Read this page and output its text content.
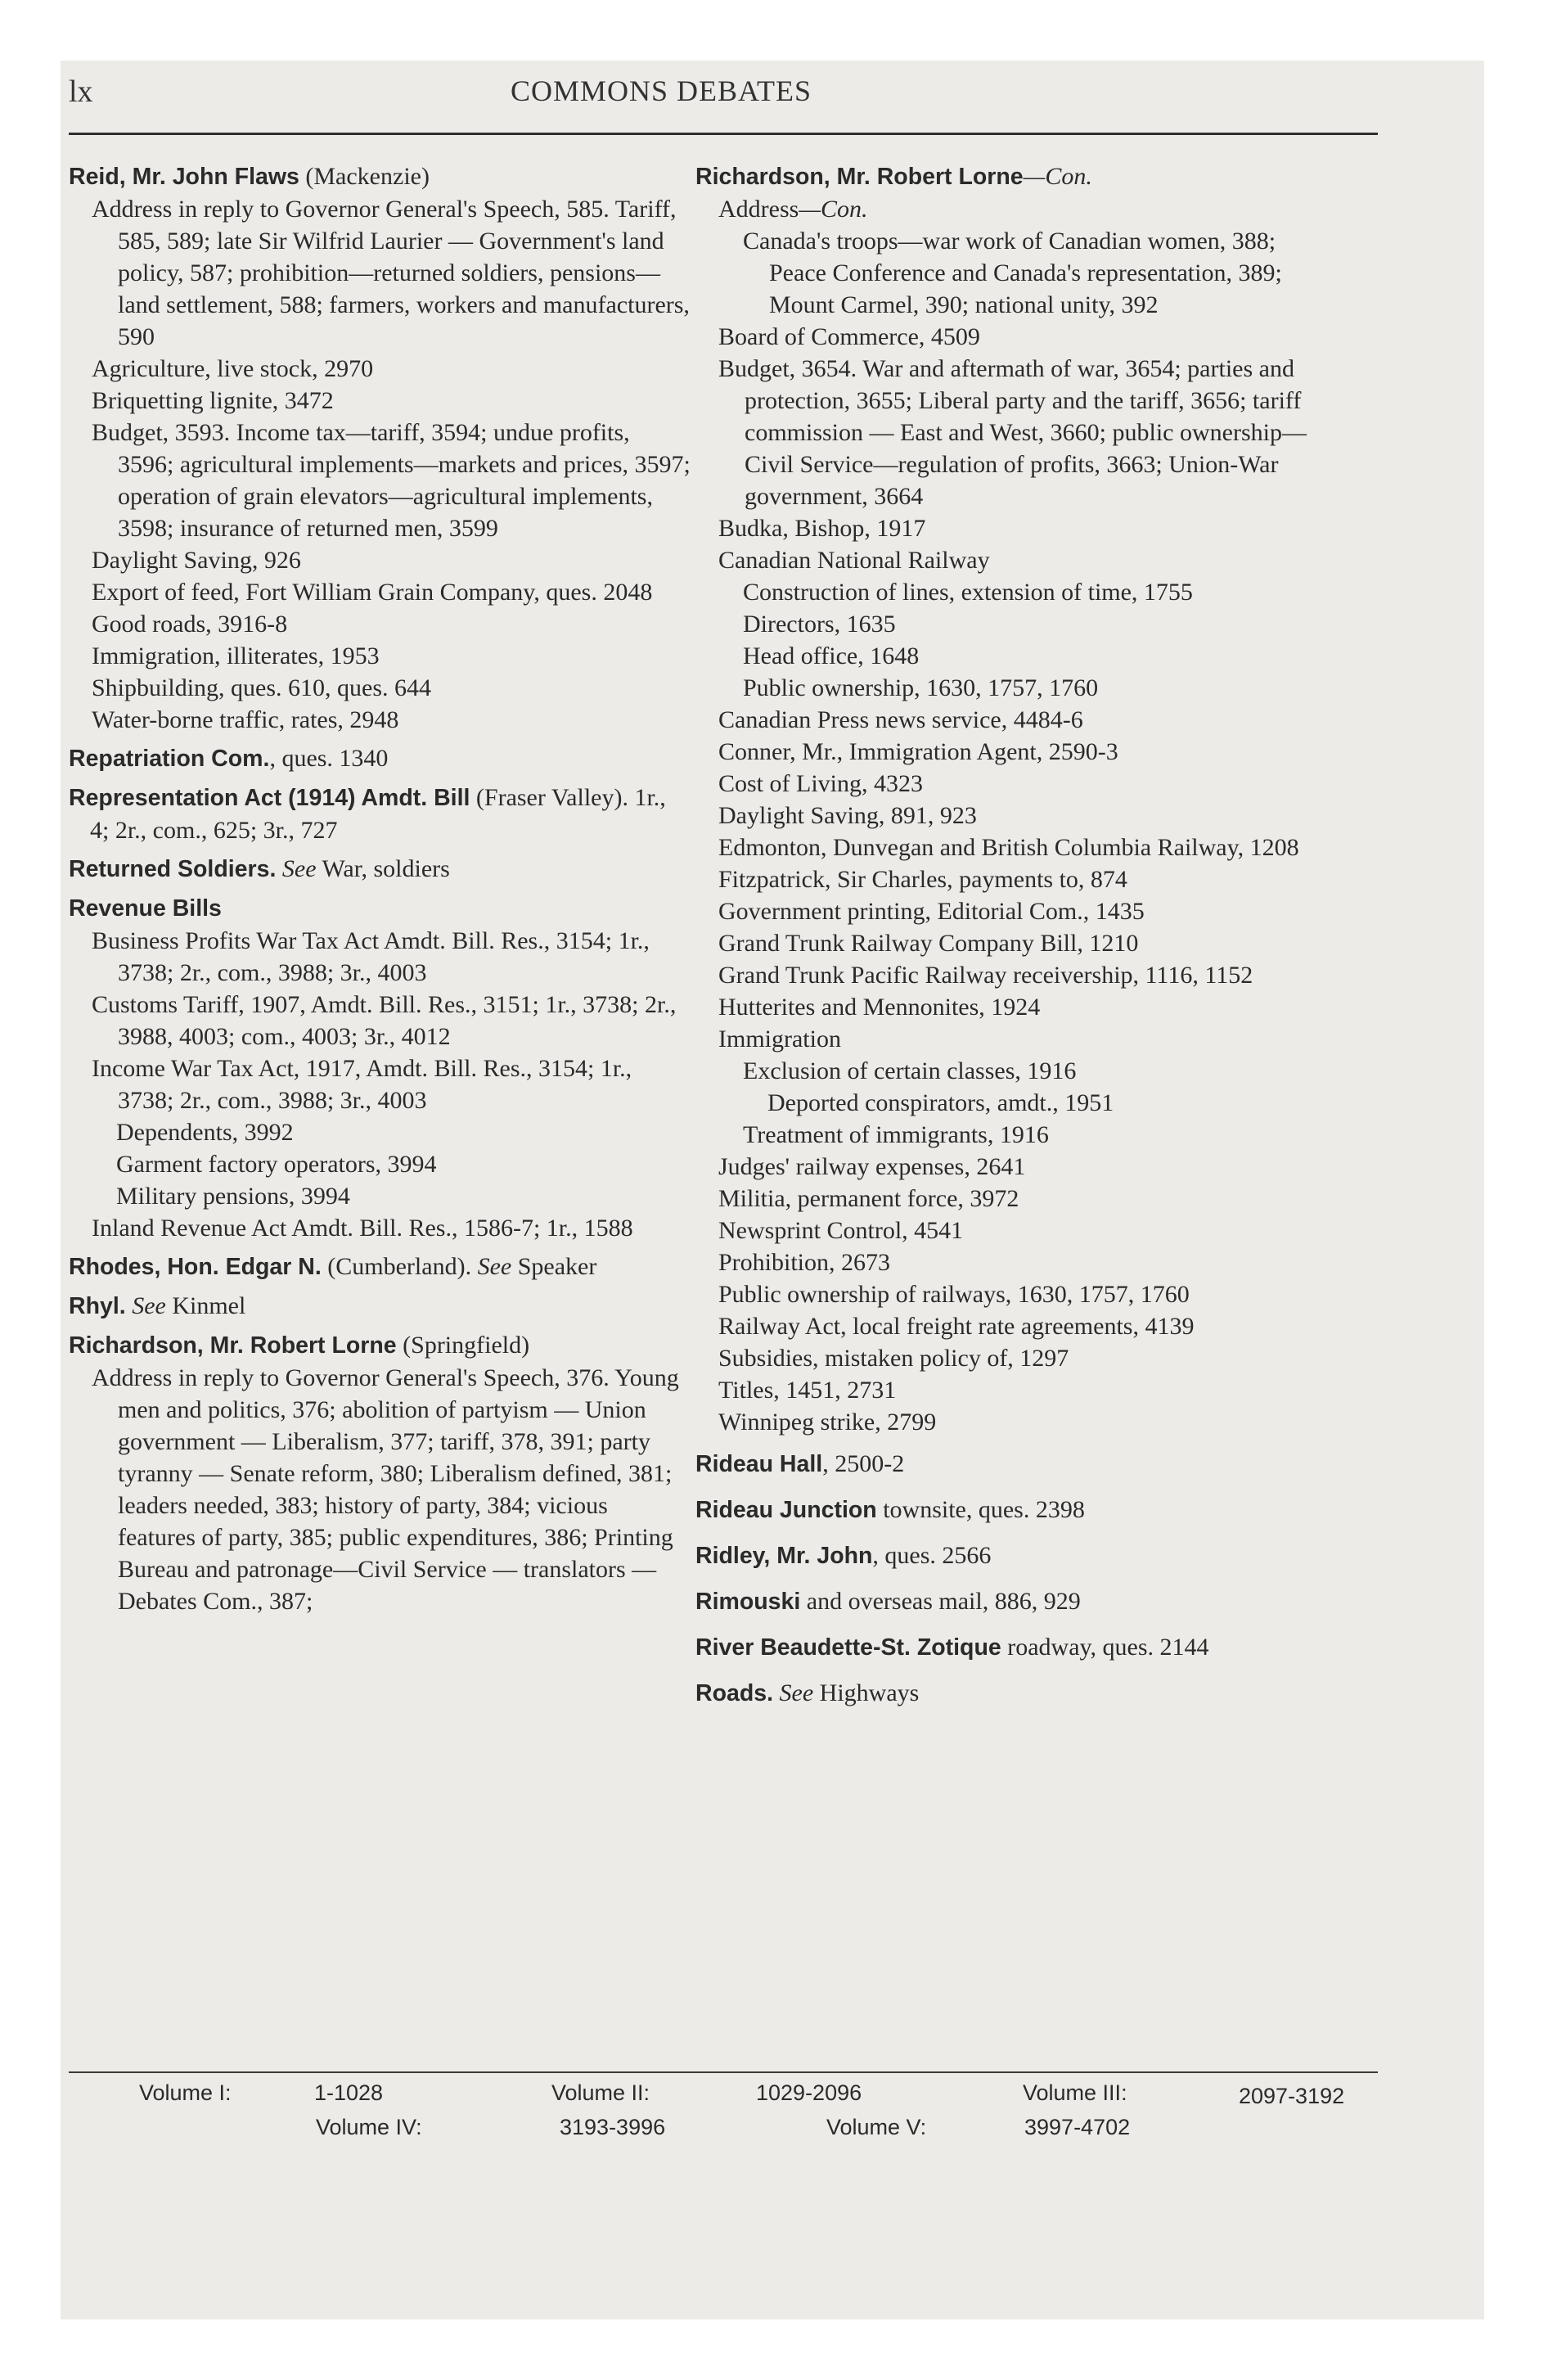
lx	COMMONS DEBATES
Reid, Mr. John Flaws (Mackenzie)
Address in reply to Governor General's Speech, 585. Tariff, 585, 589; late Sir Wilfrid Laurier — Government's land policy, 587; prohibition—returned soldiers, pensions—land settlement, 588; farmers, workers and manufacturers, 590
Agriculture, live stock, 2970
Briquetting lignite, 3472
Budget, 3593. Income tax—tariff, 3594; undue profits, 3596; agricultural implements—markets and prices, 3597; operation of grain elevators—agricultural implements, 3598; insurance of returned men, 3599
Daylight Saving, 926
Export of feed, Fort William Grain Company, ques. 2048
Good roads, 3916-8
Immigration, illiterates, 1953
Shipbuilding, ques. 610, ques. 644
Water-borne traffic, rates, 2948
Repatriation Com., ques. 1340
Representation Act (1914) Amdt. Bill (Fraser Valley). 1r., 4; 2r., com., 625; 3r., 727
Returned Soldiers. See War, soldiers
Revenue Bills
Business Profits War Tax Act Amdt. Bill. Res., 3154; 1r., 3738; 2r., com., 3988; 3r., 4003
Customs Tariff, 1907, Amdt. Bill. Res., 3151; 1r., 3738; 2r., 3988, 4003; com., 4003; 3r., 4012
Income War Tax Act, 1917, Amdt. Bill. Res., 3154; 1r., 3738; 2r., com., 3988; 3r., 4003
Dependents, 3992
Garment factory operators, 3994
Military pensions, 3994
Inland Revenue Act Amdt. Bill. Res., 1586-7; 1r., 1588
Rhodes, Hon. Edgar N. (Cumberland). See Speaker
Rhyl. See Kinmel
Richardson, Mr. Robert Lorne (Springfield)
Address in reply to Governor General's Speech, 376. Young men and politics, 376; abolition of partyism — Union government — Liberalism, 377; tariff, 378, 391; party tyranny — Senate reform, 380; Liberalism defined, 381; leaders needed, 383; history of party, 384; vicious features of party, 385; public expenditures, 386; Printing Bureau and patronage—Civil Service — translators — Debates Com., 387;
Richardson, Mr. Robert Lorne—Con.
Address—Con.
Canada's troops—war work of Canadian women, 388; Peace Conference and Canada's representation, 389; Mount Carmel, 390; national unity, 392
Board of Commerce, 4509
Budget, 3654. War and aftermath of war, 3654; parties and protection, 3655; Liberal party and the tariff, 3656; tariff commission — East and West, 3660; public ownership—Civil Service—regulation of profits, 3663; Union-War government, 3664
Budka, Bishop, 1917
Canadian National Railway
Construction of lines, extension of time, 1755
Directors, 1635
Head office, 1648
Public ownership, 1630, 1757, 1760
Canadian Press news service, 4484-6
Conner, Mr., Immigration Agent, 2590-3
Cost of Living, 4323
Daylight Saving, 891, 923
Edmonton, Dunvegan and British Columbia Railway, 1208
Fitzpatrick, Sir Charles, payments to, 874
Government printing, Editorial Com., 1435
Grand Trunk Railway Company Bill, 1210
Grand Trunk Pacific Railway receivership, 1116, 1152
Hutterites and Mennonites, 1924
Immigration
Exclusion of certain classes, 1916
Deported conspirators, amdt., 1951
Treatment of immigrants, 1916
Judges' railway expenses, 2641
Militia, permanent force, 3972
Newsprint Control, 4541
Prohibition, 2673
Public ownership of railways, 1630, 1757, 1760
Railway Act, local freight rate agreements, 4139
Subsidies, mistaken policy of, 1297
Titles, 1451, 2731
Winnipeg strike, 2799
Rideau Hall, 2500-2
Rideau Junction townsite, ques. 2398
Ridley, Mr. John, ques. 2566
Rimouski and overseas mail, 886, 929
River Beaudette-St. Zotique roadway, ques. 2144
Roads. See Highways
Volume I:	1-1028	Volume II:	1029-2096	Volume III:	2097-3192
Volume IV:	3193-3996	Volume V:	3997-4702
